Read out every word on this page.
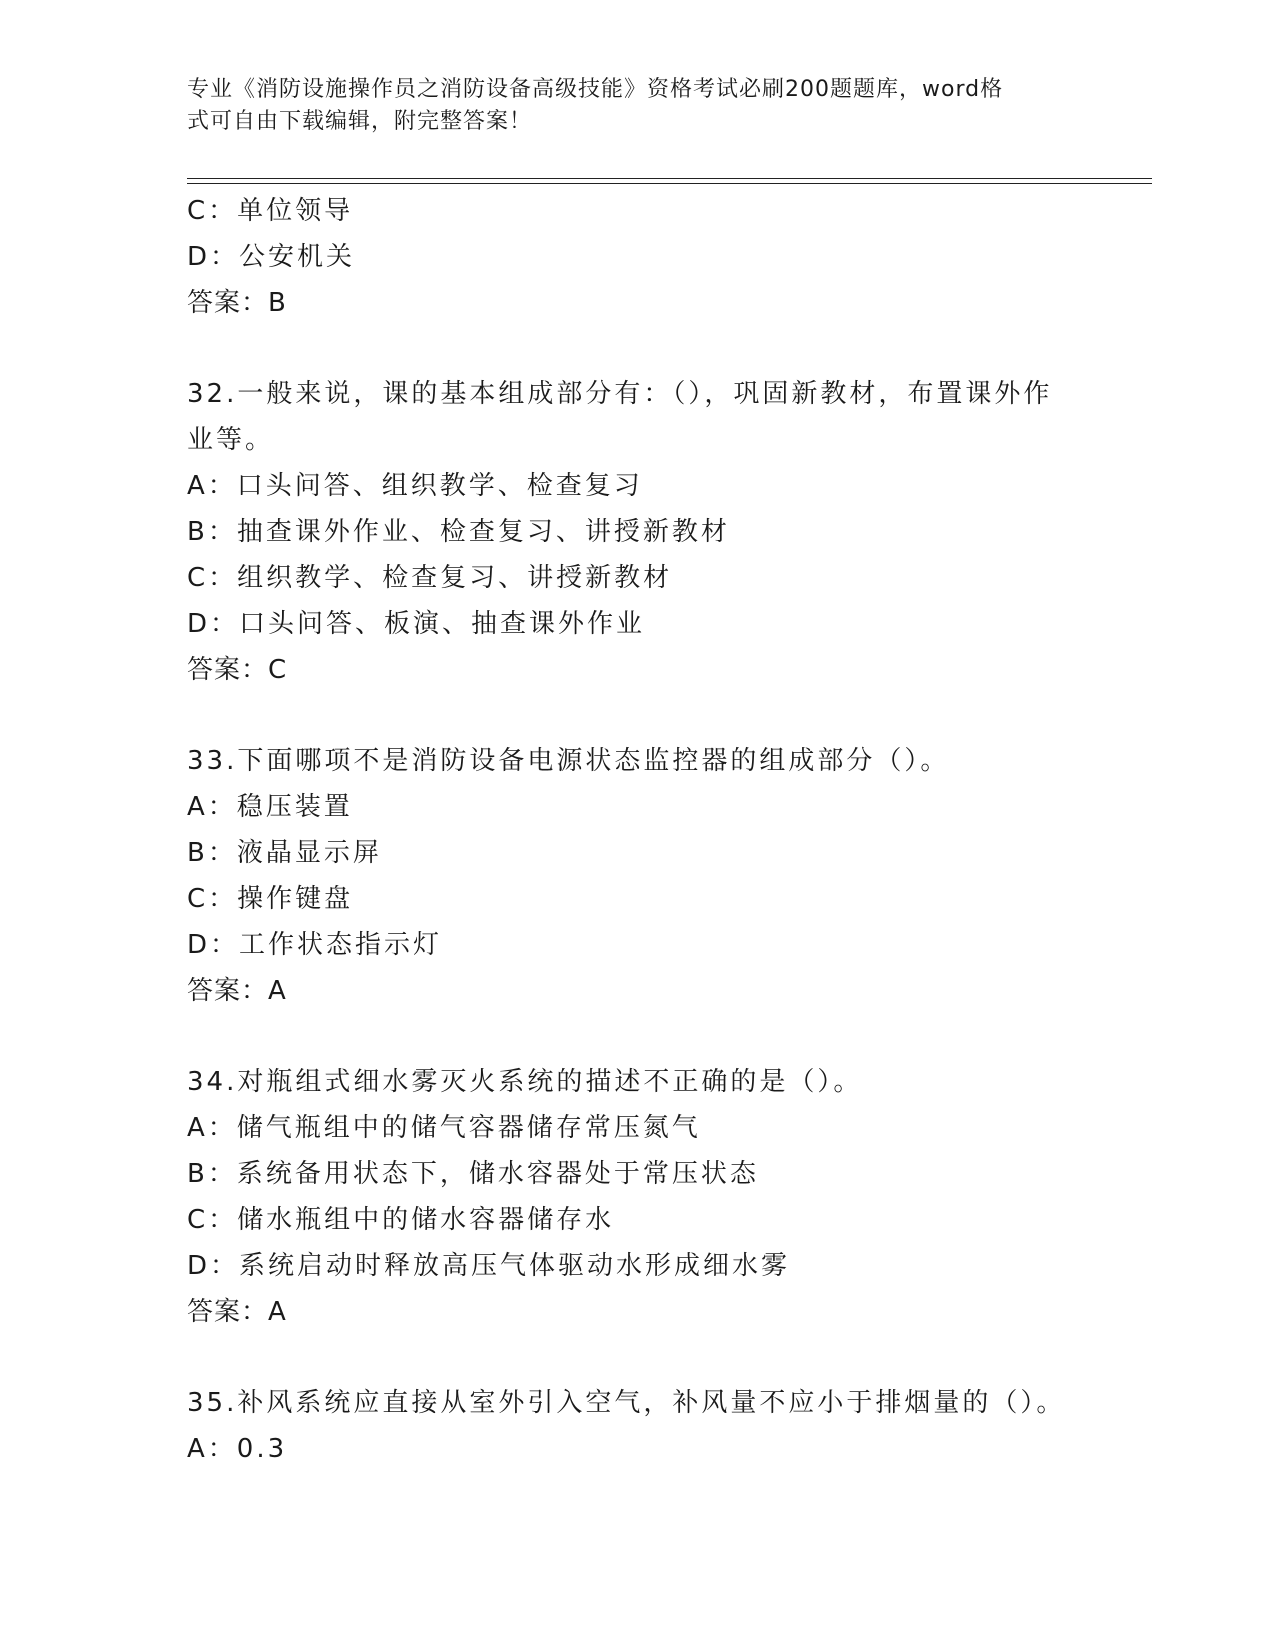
专业《消防设施操作员之消防设备高级技能》资格考试必刷200题题库，word格
式可自由下载编辑，附完整答案！
C：单位领导
D：公安机关
答案：B
32.一般来说，课的基本组成部分有：（），巩固新教材，布置课外作
业等。
A：口头问答、组织教学、检查复习
B：抽查课外作业、检查复习、讲授新教材
C：组织教学、检查复习、讲授新教材
D：口头问答、板演、抽查课外作业
答案：C
33.下面哪项不是消防设备电源状态监控器的组成部分（）。
A：稳压装置
B：液晶显示屏
C：操作键盘
D：工作状态指示灯
答案：A
34.对瓶组式细水雾灭火系统的描述不正确的是（）。
A：储气瓶组中的储气容器储存常压氮气
B：系统备用状态下，储水容器处于常压状态
C：储水瓶组中的储水容器储存水
D：系统启动时释放高压气体驱动水形成细水雾
答案：A
35.补风系统应直接从室外引入空气，补风量不应小于排烟量的（）。
A：0.3
